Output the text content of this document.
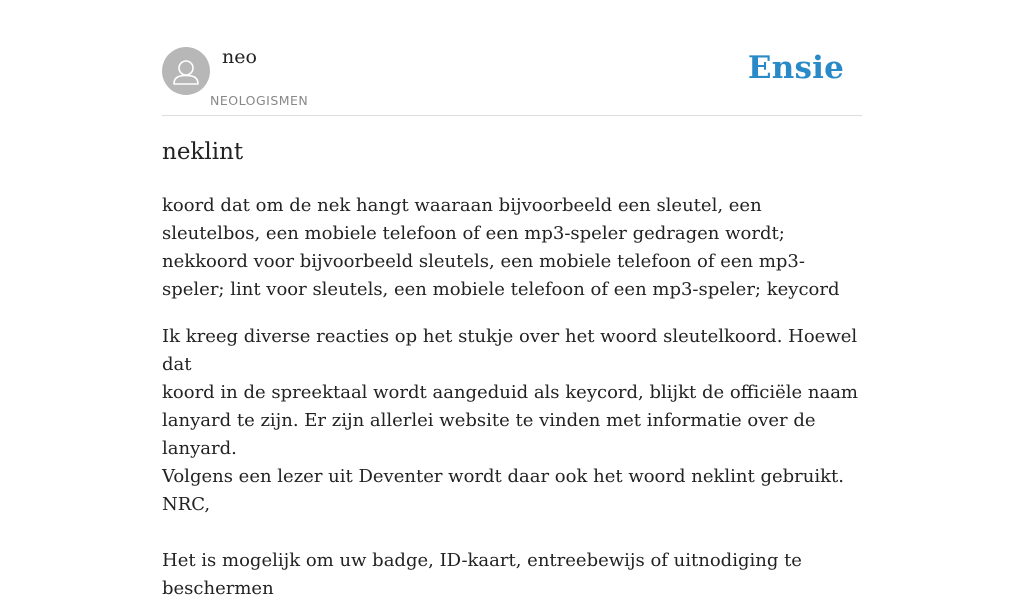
neo
NEOLOGISMEN
Ensie
neklint

koord dat om de nek hangt waaraan bijvoorbeeld een sleutel, een sleutelbos, een mobiele telefoon of een mp3-speler gedragen wordt; nekkoord voor bijvoorbeeld sleutels, een mobiele telefoon of een mp3-speler; lint voor sleutels, een mobiele telefoon of een mp3-speler; keycord

Ik kreeg diverse reacties op het stukje over het woord sleutelkoord. Hoewel dat

koord in de spreektaal wordt aangeduid als keycord, blijkt de officiële naam

lanyard te zijn. Er zijn allerlei website te vinden met informatie over de lanyard.

Volgens een lezer uit Deventer wordt daar ook het woord neklint gebruikt.

NRC,

Het is mogelijk om uw badge, ID-kaart, entreebewijs of uitnodiging te beschermen
